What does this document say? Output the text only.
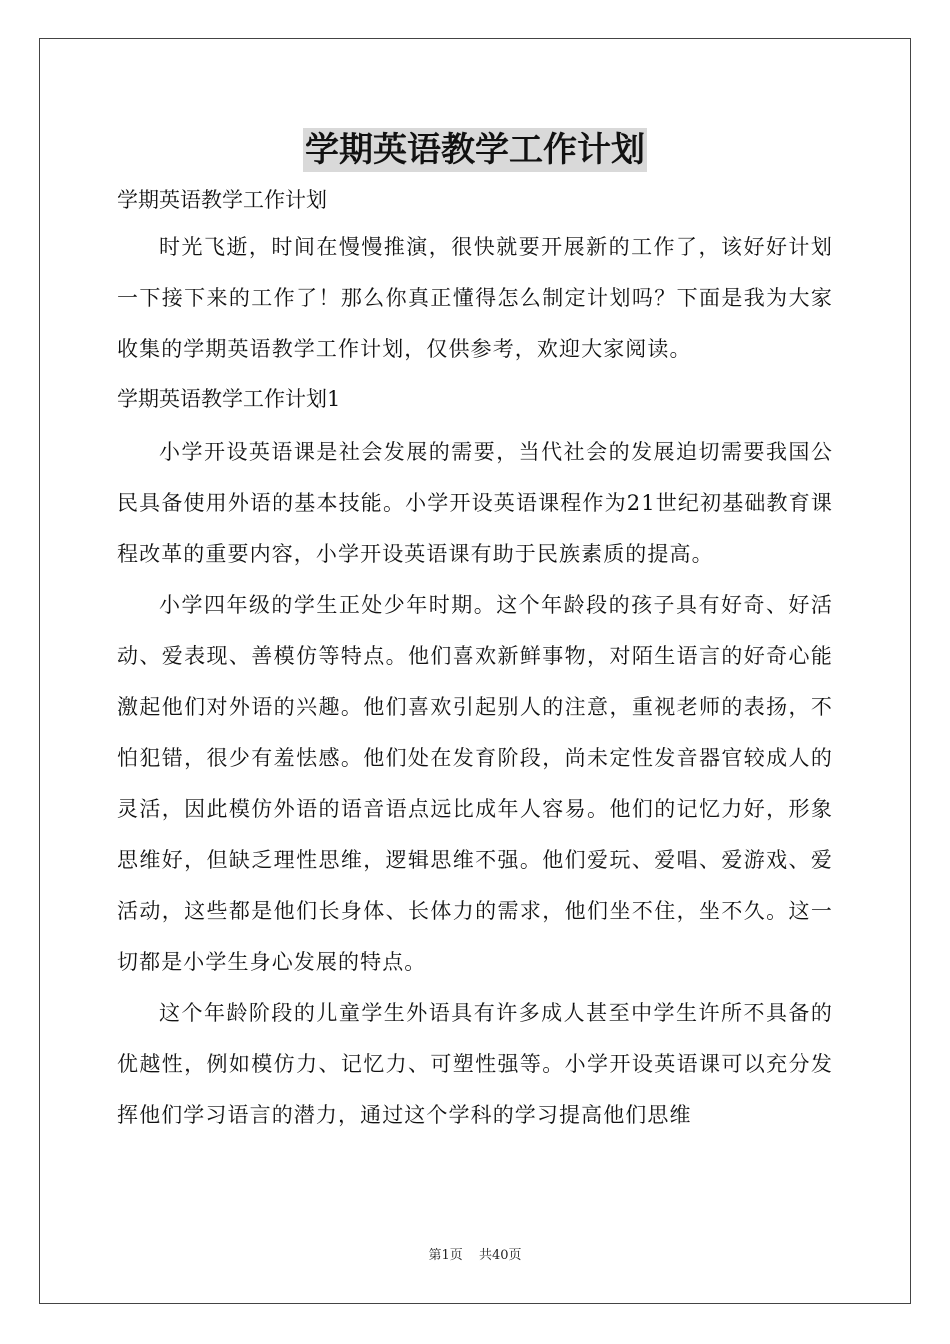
学期英语教学工作计划

学期英语教学工作计划

时光飞逝，时间在慢慢推演，很快就要开展新的工作了，该好好计划一下接下来的工作了！那么你真正懂得怎么制定计划吗？下面是我为大家收集的学期英语教学工作计划，仅供参考，欢迎大家阅读。

学期英语教学工作计划1

小学开设英语课是社会发展的需要，当代社会的发展迫切需要我国公民具备使用外语的基本技能。小学开设英语课程作为21世纪初基础教育课程改革的重要内容，小学开设英语课有助于民族素质的提高。

小学四年级的学生正处少年时期。这个年龄段的孩子具有好奇、好活动、爱表现、善模仿等特点。他们喜欢新鲜事物，对陌生语言的好奇心能激起他们对外语的兴趣。他们喜欢引起别人的注意，重视老师的表扬，不怕犯错，很少有羞怯感。他们处在发育阶段，尚未定性发音器官较成人的灵活，因此模仿外语的语音语点远比成年人容易。他们的记忆力好，形象思维好，但缺乏理性思维，逻辑思维不强。他们爱玩、爱唱、爱游戏、爱活动，这些都是他们长身体、长体力的需求，他们坐不住，坐不久。这一切都是小学生身心发展的特点。

这个年龄阶段的儿童学生外语具有许多成人甚至中学生许所不具备的优越性，例如模仿力、记忆力、可塑性强等。小学开设英语课可以充分发挥他们学习语言的潜力，通过这个学科的学习提高他们思维

第1页 共40页
